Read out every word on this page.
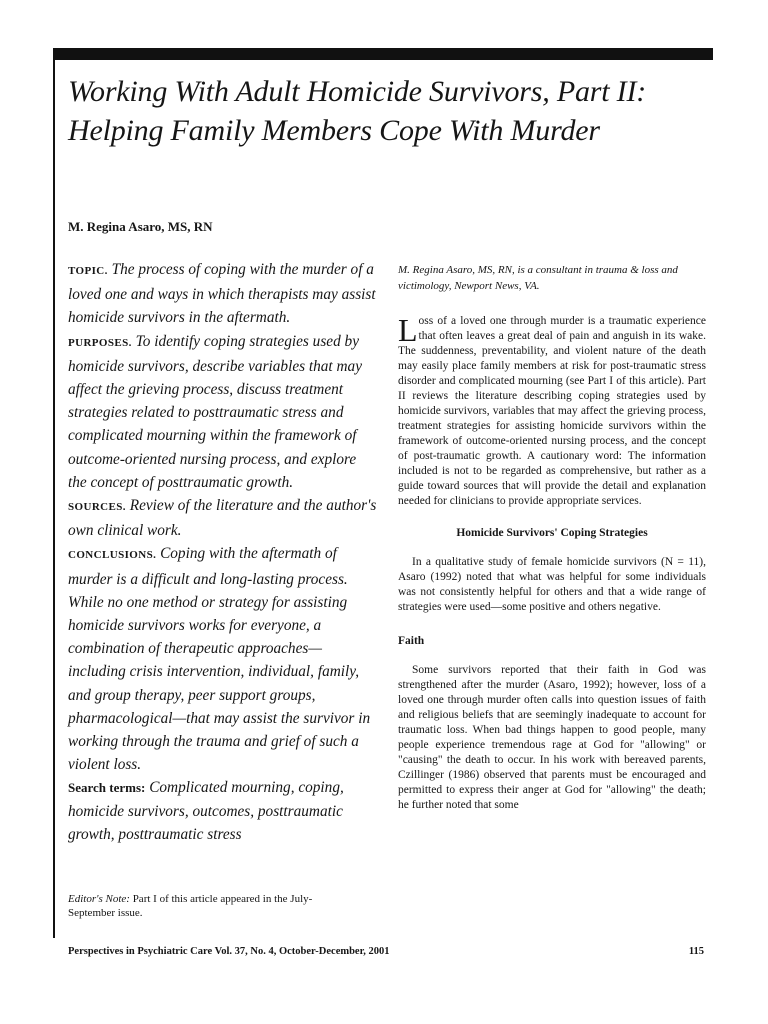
Working With Adult Homicide Survivors, Part II:
Helping Family Members Cope With Murder

M. Regina Asaro, MS, RN

TOPIC. The process of coping with the murder of a loved one and ways in which therapists may assist homicide survivors in the aftermath.

PURPOSES. To identify coping strategies used by homicide survivors, describe variables that may affect the grieving process, discuss treatment strategies related to posttraumatic stress and complicated mourning within the framework of outcome-oriented nursing process, and explore the concept of posttraumatic growth.

SOURCES. Review of the literature and the author's own clinical work.

CONCLUSIONS. Coping with the aftermath of murder is a difficult and long-lasting process. While no one method or strategy for assisting homicide survivors works for everyone, a combination of therapeutic approaches—including crisis intervention, individual, family, and group therapy, peer support groups, pharmacological—that may assist the survivor in working through the trauma and grief of such a violent loss.

Search terms: Complicated mourning, coping, homicide survivors, outcomes, posttraumatic growth, posttraumatic stress

Editor's Note: Part I of this article appeared in the July-September issue.

M. Regina Asaro, MS, RN, is a consultant in trauma & loss and victimology, Newport News, VA.

Loss of a loved one through murder is a traumatic experience that often leaves a great deal of pain and anguish in its wake. The suddenness, preventability, and violent nature of the death may easily place family members at risk for post-traumatic stress disorder and complicated mourning (see Part I of this article). Part II reviews the literature describing coping strategies used by homicide survivors, variables that may affect the grieving process, treatment strategies for assisting homicide survivors within the framework of outcome-oriented nursing process, and the concept of post-traumatic growth. A cautionary word: The information included is not to be regarded as comprehensive, but rather as a guide toward sources that will provide the detail and explanation needed for clinicians to provide appropriate services.

Homicide Survivors' Coping Strategies

In a qualitative study of female homicide survivors (N = 11), Asaro (1992) noted that what was helpful for some individuals was not consistently helpful for others and that a wide range of strategies were used—some positive and others negative.

Faith

Some survivors reported that their faith in God was strengthened after the murder (Asaro, 1992); however, loss of a loved one through murder often calls into question issues of faith and religious beliefs that are seemingly inadequate to account for traumatic loss. When bad things happen to good people, many people experience tremendous rage at God for "allowing" or "causing" the death to occur. In his work with bereaved parents, Czillinger (1986) observed that parents must be encouraged and permitted to express their anger at God for "allowing" the death; he further noted that some

Perspectives in Psychiatric Care Vol. 37, No. 4, October-December, 2001	115
